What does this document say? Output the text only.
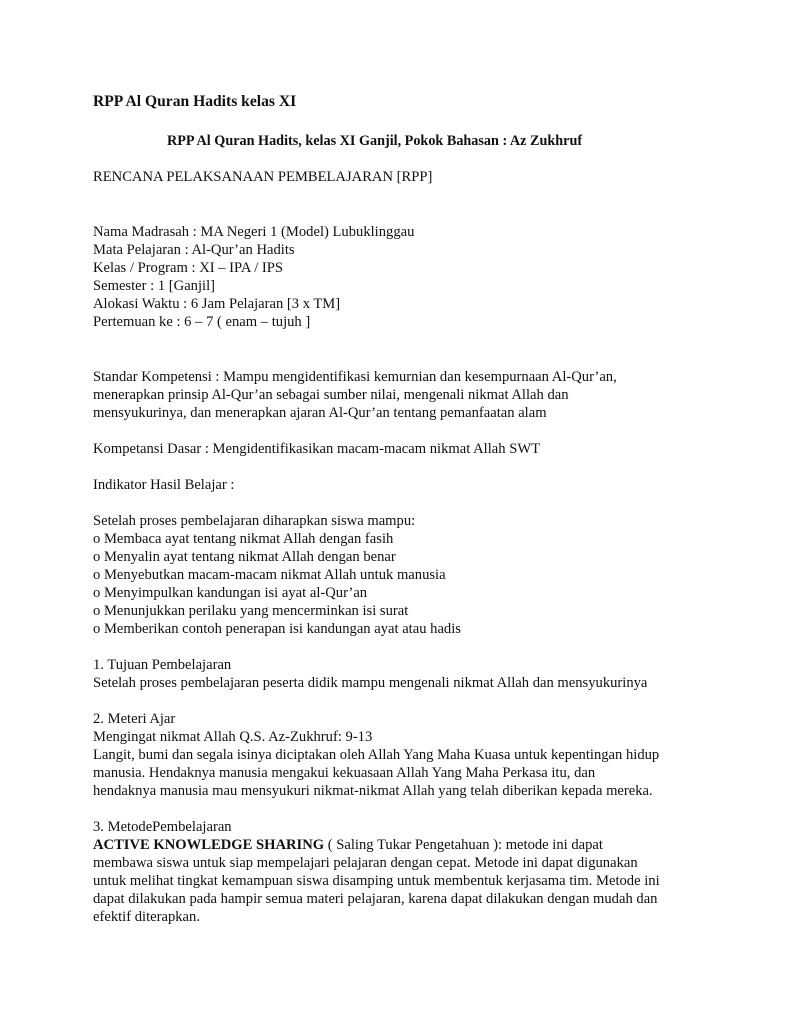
RPP Al Quran Hadits kelas XI
RPP Al Quran Hadits, kelas XI Ganjil, Pokok Bahasan : Az Zukhruf

RENCANA PELAKSANAAN PEMBELAJARAN [RPP]

Nama Madrasah : MA Negeri 1 (Model) Lubuklinggau
Mata Pelajaran : Al-Qur’an Hadits
Kelas / Program : XI – IPA / IPS
Semester : 1 [Ganjil]
Alokasi Waktu : 6 Jam Pelajaran [3 x TM]
Pertemuan ke : 6 – 7 ( enam – tujuh ]
Standar Kompetensi : Mampu mengidentifikasi kemurnian dan kesempurnaan Al-Qur’an,
menerapkan prinsip Al-Qur’an sebagai sumber nilai, mengenali nikmat Allah dan
mensyukurinya, dan menerapkan ajaran Al-Qur’an tentang pemanfaatan alam

Kompetansi Dasar : Mengidentifikasikan macam-macam nikmat Allah SWT

Indikator Hasil Belajar :

Setelah proses pembelajaran diharapkan siswa mampu:
o Membaca ayat tentang nikmat Allah dengan fasih
o Menyalin ayat tentang nikmat Allah dengan benar
o Menyebutkan macam-macam nikmat Allah untuk manusia
o Menyimpulkan kandungan isi ayat al-Qur’an
o Menunjukkan perilaku yang mencerminkan isi surat
o Memberikan contoh penerapan isi kandungan ayat atau hadis
1. Tujuan Pembelajaran
Setelah proses pembelajaran peserta didik mampu mengenali nikmat Allah dan mensyukurinya
2. Meteri Ajar
Mengingat nikmat Allah Q.S. Az-Zukhruf: 9-13
Langit, bumi dan segala isinya diciptakan oleh Allah Yang Maha Kuasa untuk kepentingan hidup
manusia. Hendaknya manusia mengakui kekuasaan Allah Yang Maha Perkasa itu, dan
hendaknya manusia mau mensyukuri nikmat-nikmat Allah yang telah diberikan kepada mereka.
3. MetodePembelajaran
ACTIVE KNOWLEDGE SHARING ( Saling Tukar Pengetahuan ): metode ini dapat
membawa siswa untuk siap mempelajari pelajaran dengan cepat. Metode ini dapat digunakan
untuk melihat tingkat kemampuan siswa disamping untuk membentuk kerjasama tim. Metode ini
dapat dilakukan pada hampir semua materi pelajaran, karena dapat dilakukan dengan mudah dan
efektif diterapkan.
